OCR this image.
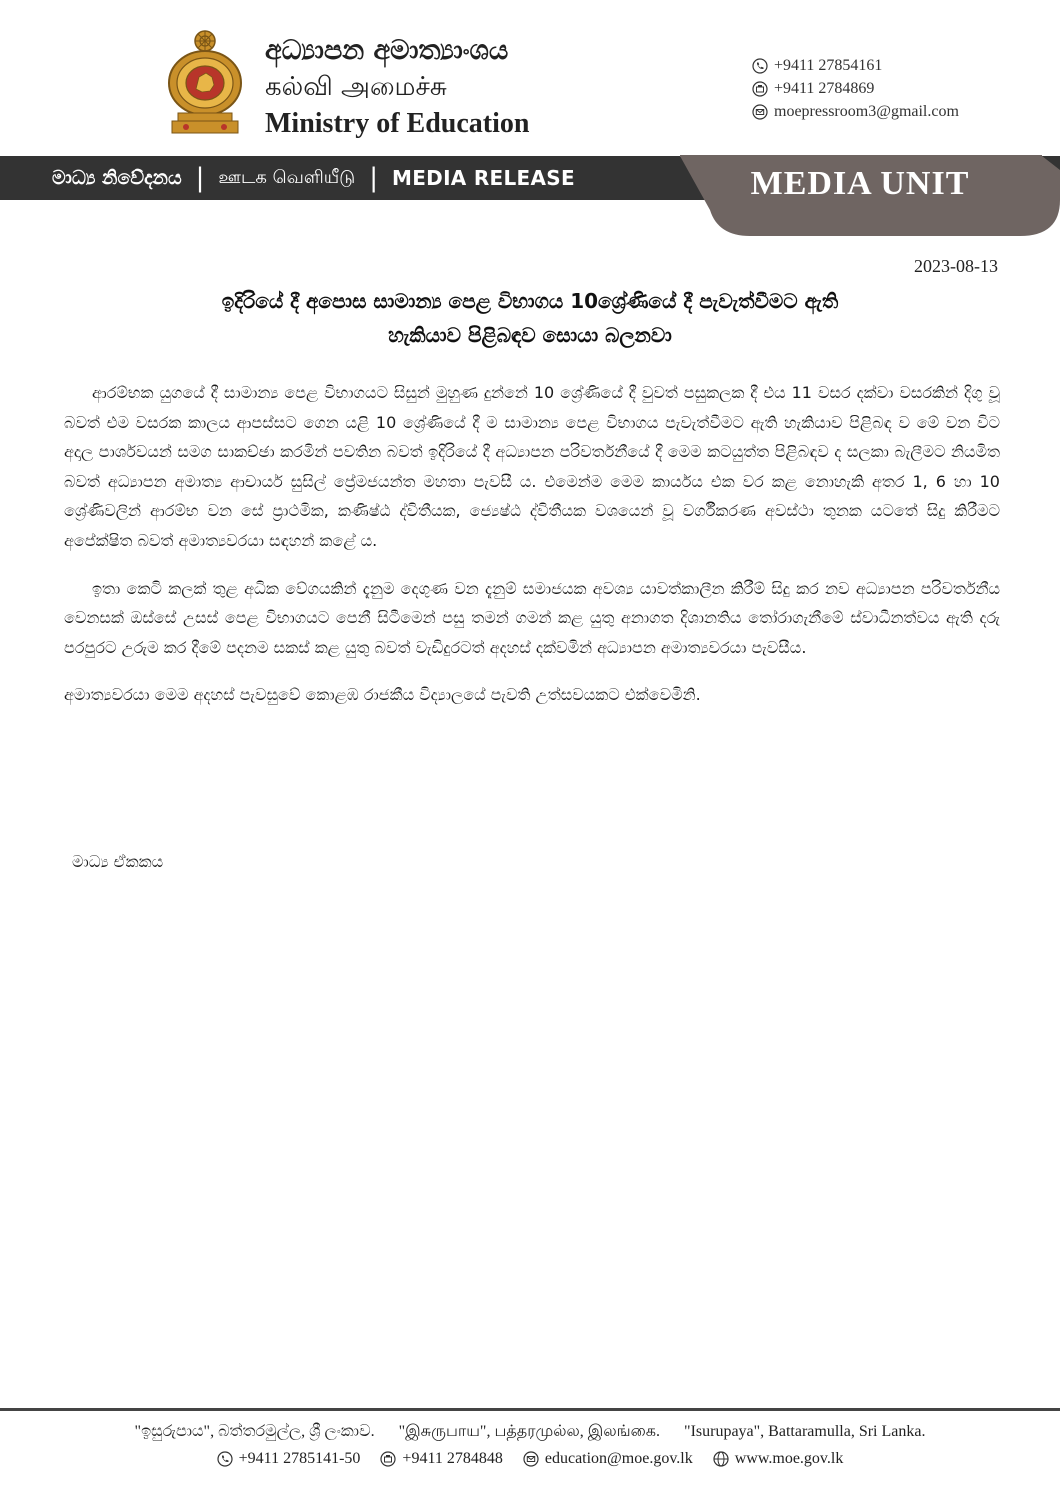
අධ්‍යාපන අමාත්‍යාංශය
கல்வி அமைச்சு
Ministry of Education
+9411 27854161
+9411 2784869
moepressroom3@gmail.com
මාධ්‍ය නිවේදනය | ஊடக வெளியீடு | MEDIA RELEASE	MEDIA UNIT
2023-08-13
ඉදිරියේ දී අපොස සාමාන්‍ය පෙළ විභාගය 10ශ්‍රේණියේ දී පැවැත්වීමට ඇති
හැකියාව පිළිබඳව සොයා බලනවා

ආරම්භක යුගයේ දී සාමාන්‍ය පෙළ විභාගයට සිසුන් මුහුණ දුන්නේ 10 ශ්‍රේණියේ දී වුවත් පසුකලක දී එය 11 වසර දක්වා වසරකින් දිගු වූ බවත් එම වසරක කාලය ආපස්සට ගෙන යළි 10 ශ්‍රේණියේ දී ම සාමාන්‍ය පෙළ විභාගය පැවැත්වීමට ඇති හැකියාව පිළිබඳ ව මේ වන විට අදාල පාර්ශවයන් සමග සාකච්ඡා කරමින් පවතින බවත් ඉදිරියේ දී අධ්‍යාපන පරිවර්තනීයේ දී මෙම කටයුත්ත පිළිබඳව ද සලකා බැලීමට නියමිත බවත් අධ්‍යාපන අමාත්‍ය ආචාර්ය සුසිල් ප්‍රේමජයන්ත මහතා පැවසී ය. එමෙන්ම මෙම කාර්යය එක වර කළ නොහැකි අතර 1, 6 හා 10 ශ්‍රේණිවලින් ආරම්භ වන සේ ප්‍රාථමික, කණිෂ්ඨ ද්විතීයක, ජ්‍යෙෂ්ඨ ද්විතීයක වශයෙන් වූ වර්ගීකරණ අවස්ථා තුනක යටතේ සිදු කිරීමට අපේක්ෂිත බවත් අමාත්‍යවරයා සඳහන් කළේ ය.

ඉතා කෙටි කලක් තුළ අධික වේගයකින් දැනුම දෙගුණ වන දැනුම් සමාජයක අවශ්‍ය යාවත්කාලීන කිරීම් සිදු කර නව අධ්‍යාපන පරිවර්තනීය වෙනසක් ඔස්සේ උසස් පෙළ විභාගයට පෙනී සිටීමෙන් පසු තමන් ගමන් කළ යුතු අනාගත දිශානතිය තෝරාගැනීමේ ස්වාධීනත්වය ඇති දරු පරපුරට උරුම කර දීමේ පදනම සකස් කළ යුතු බවත් වැඩිදුරටත් අදහස් දක්වමින් අධ්‍යාපන අමාත්‍යවරයා පැවසීය.

අමාත්‍යවරයා මෙම අදහස් පැවසුවේ කොළඹ රාජකීය විද්‍යාලයේ පැවති උත්සවයකට එක්වෙමිනි.

මාධ්‍ය ඒකකය
"ඉසුරුපාය", බත්තරමුල්ල, ශ්‍රී ලංකාව. "இசுருபாய", பத்தரமுல்ல, இலங்கை. "Isurupaya", Battaramulla, Sri Lanka.
+9411 2785141-50	+9411 2784848	education@moe.gov.lk	www.moe.gov.lk
